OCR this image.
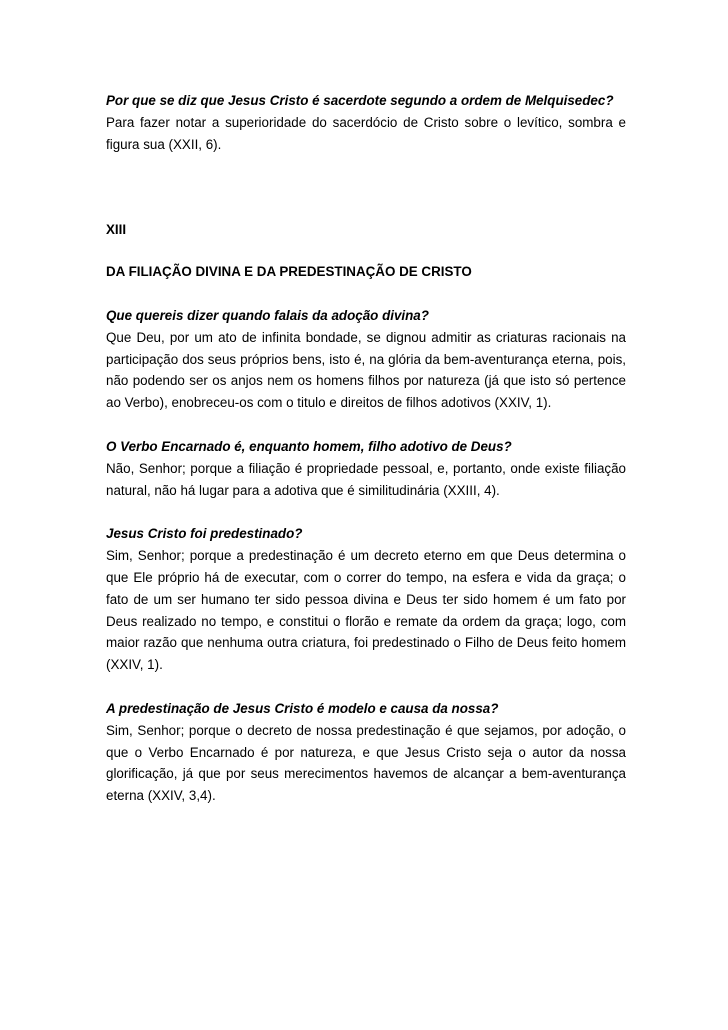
Por que se diz que Jesus Cristo é sacerdote segundo a ordem de Melquisedec?
Para fazer notar a superioridade do sacerdócio de Cristo sobre o levítico, sombra e figura sua (XXII, 6).
XIII
DA FILIAÇÃO DIVINA E DA PREDESTINAÇÃO DE CRISTO
Que quereis dizer quando falais da adoção divina?
Que Deu, por um ato de infinita bondade, se dignou admitir as criaturas racionais na participação dos seus próprios bens, isto é, na glória da bem-aventurança eterna, pois, não podendo ser os anjos nem os homens filhos por natureza (já que isto só pertence ao Verbo), enobreceu-os com o titulo e direitos de filhos adotivos (XXIV, 1).
O Verbo Encarnado é, enquanto homem, filho adotivo de Deus?
Não, Senhor; porque a filiação é propriedade pessoal, e, portanto, onde existe filiação natural, não há lugar para a adotiva que é similitudinária (XXIII, 4).
Jesus Cristo foi predestinado?
Sim, Senhor; porque a predestinação é um decreto eterno em que Deus determina o que Ele próprio há de executar, com o correr do tempo, na esfera e vida da graça; o fato de um ser humano ter sido pessoa divina e Deus ter sido homem é um fato por Deus realizado no tempo, e constitui o florão e remate da ordem da graça; logo, com maior razão que nenhuma outra criatura, foi predestinado o Filho de Deus feito homem (XXIV, 1).
A predestinação de Jesus Cristo é modelo e causa da nossa?
Sim, Senhor; porque o decreto de nossa predestinação é que sejamos, por adoção, o que o Verbo Encarnado é por natureza, e que Jesus Cristo seja o autor da nossa glorificação, já que por seus merecimentos havemos de alcançar a bem-aventurança eterna (XXIV, 3,4).
